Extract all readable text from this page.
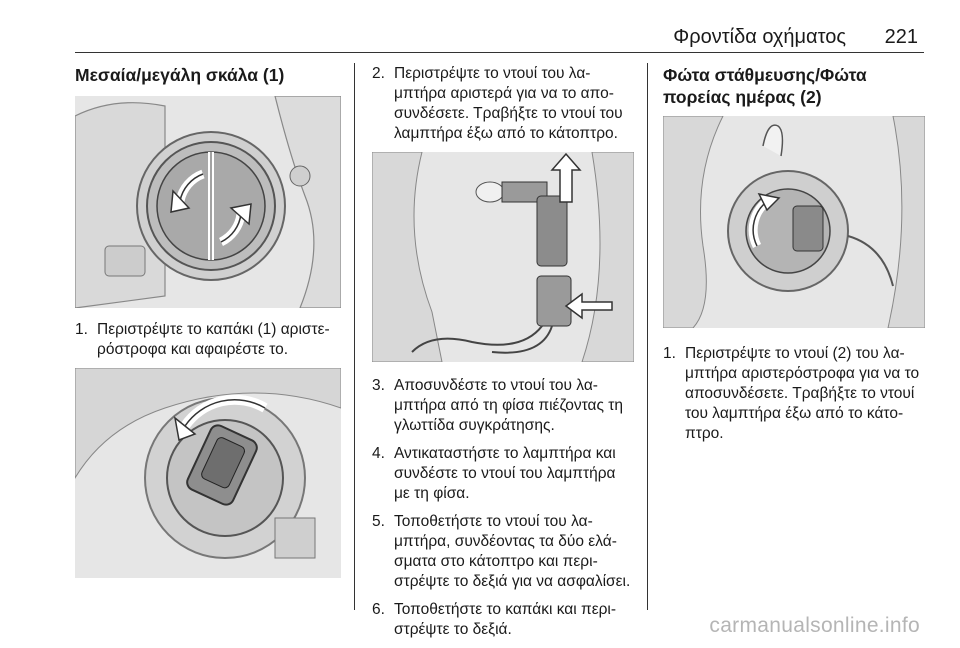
Φροντίδα οχήματος 221
Μεσαία/μεγάλη σκάλα (1)
1. Περιστρέψτε το καπάκι (1) αριστερόστροφα και αφαιρέστε το.
2. Περιστρέψτε το ντουί του λαμπτήρα αριστερά για να το αποσυνδέσετε. Τραβήξτε το ντουί του λαμπτήρα έξω από το κάτοπτρο.
3. Αποσυνδέστε το ντουί του λαμπτήρα από τη φίσα πιέζοντας τη γλωττίδα συγκράτησης.
4. Αντικαταστήστε το λαμπτήρα και συνδέστε το ντουί του λαμπτήρα με τη φίσα.
5. Τοποθετήστε το ντουί του λαμπτήρα, συνδέοντας τα δύο ελάσματα στο κάτοπτρο και περιστρέψτε το δεξιά για να ασφαλίσει.
6. Τοποθετήστε το καπάκι και περιστρέψτε το δεξιά.
Φώτα στάθμευσης/Φώτα πορείας ημέρας (2)
1. Περιστρέψτε το ντουί (2) του λαμπτήρα αριστερόστροφα για να το αποσυνδέσετε. Τραβήξτε το ντουί του λαμπτήρα έξω από το κάτοπτρο.
carmanualsonline.info
